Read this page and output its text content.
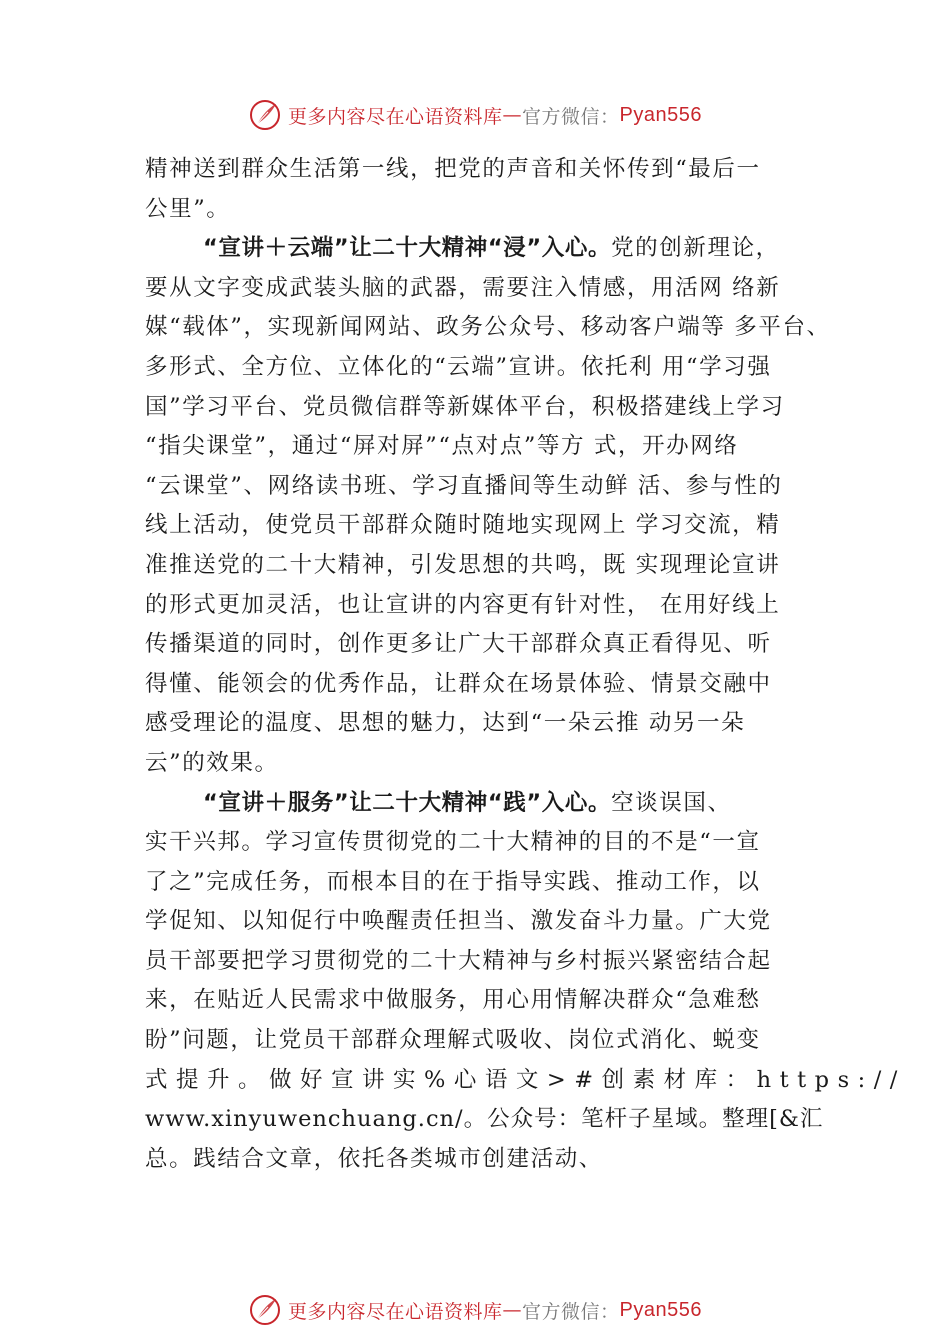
更多内容尽在心语资料库 — 官方微信： Pyan556
精神送到群众生活第一线，把党的声音和关怀传到“最后一
公里”。
“宣讲＋云端”让二十大精神“浸”入心。党的创新理论，
要从文字变成武装头脑的武器，需要注入情感，用活网 络新
媒“载体”，实现新闻网站、政务公众号、移动客户端等 多平台、
多形式、全方位、立体化的“云端”宣讲。依托利 用“学习强
国”学习平台、党员微信群等新媒体平台，积极搭建线上学习
“指尖课堂”，通过“屏对屏”“点对点”等方 式，开办网络
“云课堂”、网络读书班、学习直播间等生动鲜 活、参与性的
线上活动，使党员干部群众随时随地实现网上 学习交流，精
准推送党的二十大精神，引发思想的共鸣，既 实现理论宣讲
的形式更加灵活，也让宣讲的内容更有针对性， 在用好线上
传播渠道的同时，创作更多让广大干部群众真正看得见、听
得懂、能领会的优秀作品，让群众在场景体验、情景交融中
感受理论的温度、思想的魅力，达到“一朵云推 动另一朵
云”的效果。
“宣讲＋服务”让二十大精神“践”入心。空谈误国、
实干兴邦。学习宣传贯彻党的二十大精神的目的不是“一宣
了之”完成任务，而根本目的在于指导实践、推动工作，以
学促知、以知促行中唤醒责任担当、激发奋斗力量。广大党
员干部要把学习贯彻党的二十大精神与乡村振兴紧密结合起
来，在贴近人民需求中做服务，用心用情解决群众“急难愁
盼”问题，让党员干部群众理解式吸收、岗位式消化、蜕变
式提升。做好宣讲实%心语文>#创素材库：https://
www.xinyuwenchuang.cn/。公众号：笔杆子星域。整理[&汇
总。践结合文章，依托各类城市创建活动、
更多内容尽在心语资料库 — 官方微信： Pyan556
